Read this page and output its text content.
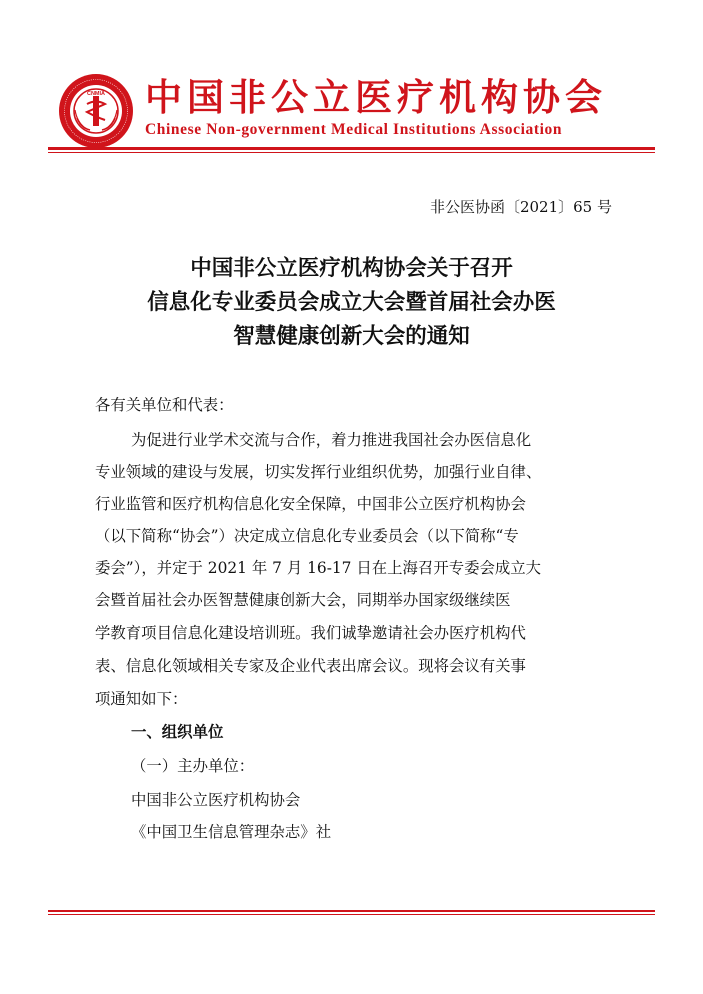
CNMIA 中国非公立医疗机构协会
Chinese Non-government Medical Institutions Association
非公医协函〔2021〕65 号
中国非公立医疗机构协会关于召开
信息化专业委员会成立大会暨首届社会办医
智慧健康创新大会的通知
各有关单位和代表：
为促进行业学术交流与合作，着力推进我国社会办医信息化
专业领域的建设与发展，切实发挥行业组织优势，加强行业自律、
行业监管和医疗机构信息化安全保障，中国非公立医疗机构协会
（以下简称“协会”）决定成立信息化专业委员会（以下简称“专
委会”），并定于 2021 年 7 月 16-17 日在上海召开专委会成立大
会暨首届社会办医智慧健康创新大会，同期举办国家级继续医
学教育项目信息化建设培训班。我们诚挚邀请社会办医疗机构代
表、信息化领域相关专家及企业代表出席会议。现将会议有关事
项通知如下：
一、组织单位
（一）主办单位：
中国非公立医疗机构协会
《中国卫生信息管理杂志》社
